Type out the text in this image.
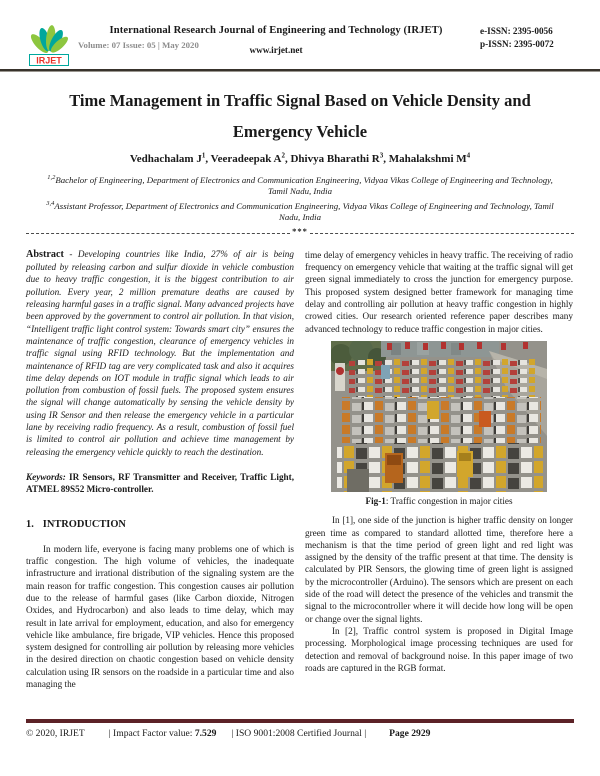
IRJET
International Research Journal of Engineering and Technology (IRJET)
Volume: 07 Issue: 05 | May 2020	www.irjet.net
e-ISSN: 2395-0056
p-ISSN: 2395-0072
Time Management in Traffic Signal Based on Vehicle Density and
Emergency Vehicle
Vedhachalam $J^1$, Veeradeepak $A^2$, Dhivya Bharathi $R^3$, Mahalakshmi $M^4$
$^{1,2}$Bachelor of Engineering, Department of Electronics and Communication Engineering, Vidyaa Vikas College of Engineering and Technology, Tamil Nadu, India
$^{3,4}$Assistant Professor, Department of Electronics and Communication Engineering, Vidyaa Vikas College of Engineering and Technology, Tamil Nadu, India
***

Abstract - Developing countries like India, 27% of air is being polluted by releasing carbon and sulfur dioxide in vehicle combustion due to heavy traffic congestion, it is the biggest contribution to air pollution. Every year, 2 million premature deaths are caused by releasing harmful gases in a traffic signal. Many advanced projects have been approved by the government to control air pollution. In that vision, “Intelligent traffic light control system: Towards smart city” ensures the maintenance of traffic congestion, clearance of emergency vehicles in traffic signal using RFID technology. But the implementation and maintenance of RFID tag are very complicated task and also it acquires time delay depends on IOT module in traffic signal which leads to air pollution from combustion of fossil fuels. The proposed system ensures the signal will change automatically by sensing the vehicle density by using IR Sensor and then release the emergency vehicle in a particular lane by receiving radio frequency. As a result, combustion of fossil fuel is limited to control air pollution and achieve time management by releasing the emergency vehicle quickly to reach the destination.

Keywords: IR Sensors, RF Transmitter and Receiver, Traffic Light, ATMEL 89S52 Micro-controller.

1. INTRODUCTION

In modern life, everyone is facing many problems one of which is traffic congestion. The high volume of vehicles, the inadequate infrastructure and irrational distribution of the signaling system are the main reason for traffic congestion. This congestion causes air pollution due to the release of harmful gases (like Carbon dioxide, Nitrogen Oxides, and Hydrocarbon) and also leads to time delay, which may result in late arrival for employment, education, and also for emergency vehicle like ambulance, fire brigade, VIP vehicles. Hence this proposed system designed for controlling air pollution by releasing more vehicles in the desired direction on chaotic congestion based on vehicle density calculation using IR sensors on the roadside in a particular time and also managing the

time delay of emergency vehicles in heavy traffic. The receiving of radio frequency on emergency vehicle that waiting at the traffic signal will get green signal immediately to cross the junction for emergency purpose. This proposed system designed better framework for managing time delay and controlling air pollution at heavy traffic congestion in highly crowed cities. Our research oriented reference paper describes many advanced technology to reduce traffic congestion in major cities.

Fig-1: Traffic congestion in major cities

In [1], one side of the junction is higher traffic density on longer green time as compared to standard allotted time, therefore here a mechanism is that the time period of green light and red light was assigned by the density of the traffic present at that time. The density is calculated by PIR Sensors, the glowing time of green light is assigned by the microcontroller (Arduino). The sensors which are present on each side of the road will detect the presence of the vehicles and transmit the signal to the microcontroller where it will decide how long will be open or change over the signal lights.

In [2], Traffic control system is proposed in Digital Image processing. Morphological image processing techniques are used for detection and removal of background noise. In this paper image of two roads are captured in the RGB format.

© 2020, IRJET	| Impact Factor value: 7.529 | ISO 9001:2008 Certified Journal | Page 2929
